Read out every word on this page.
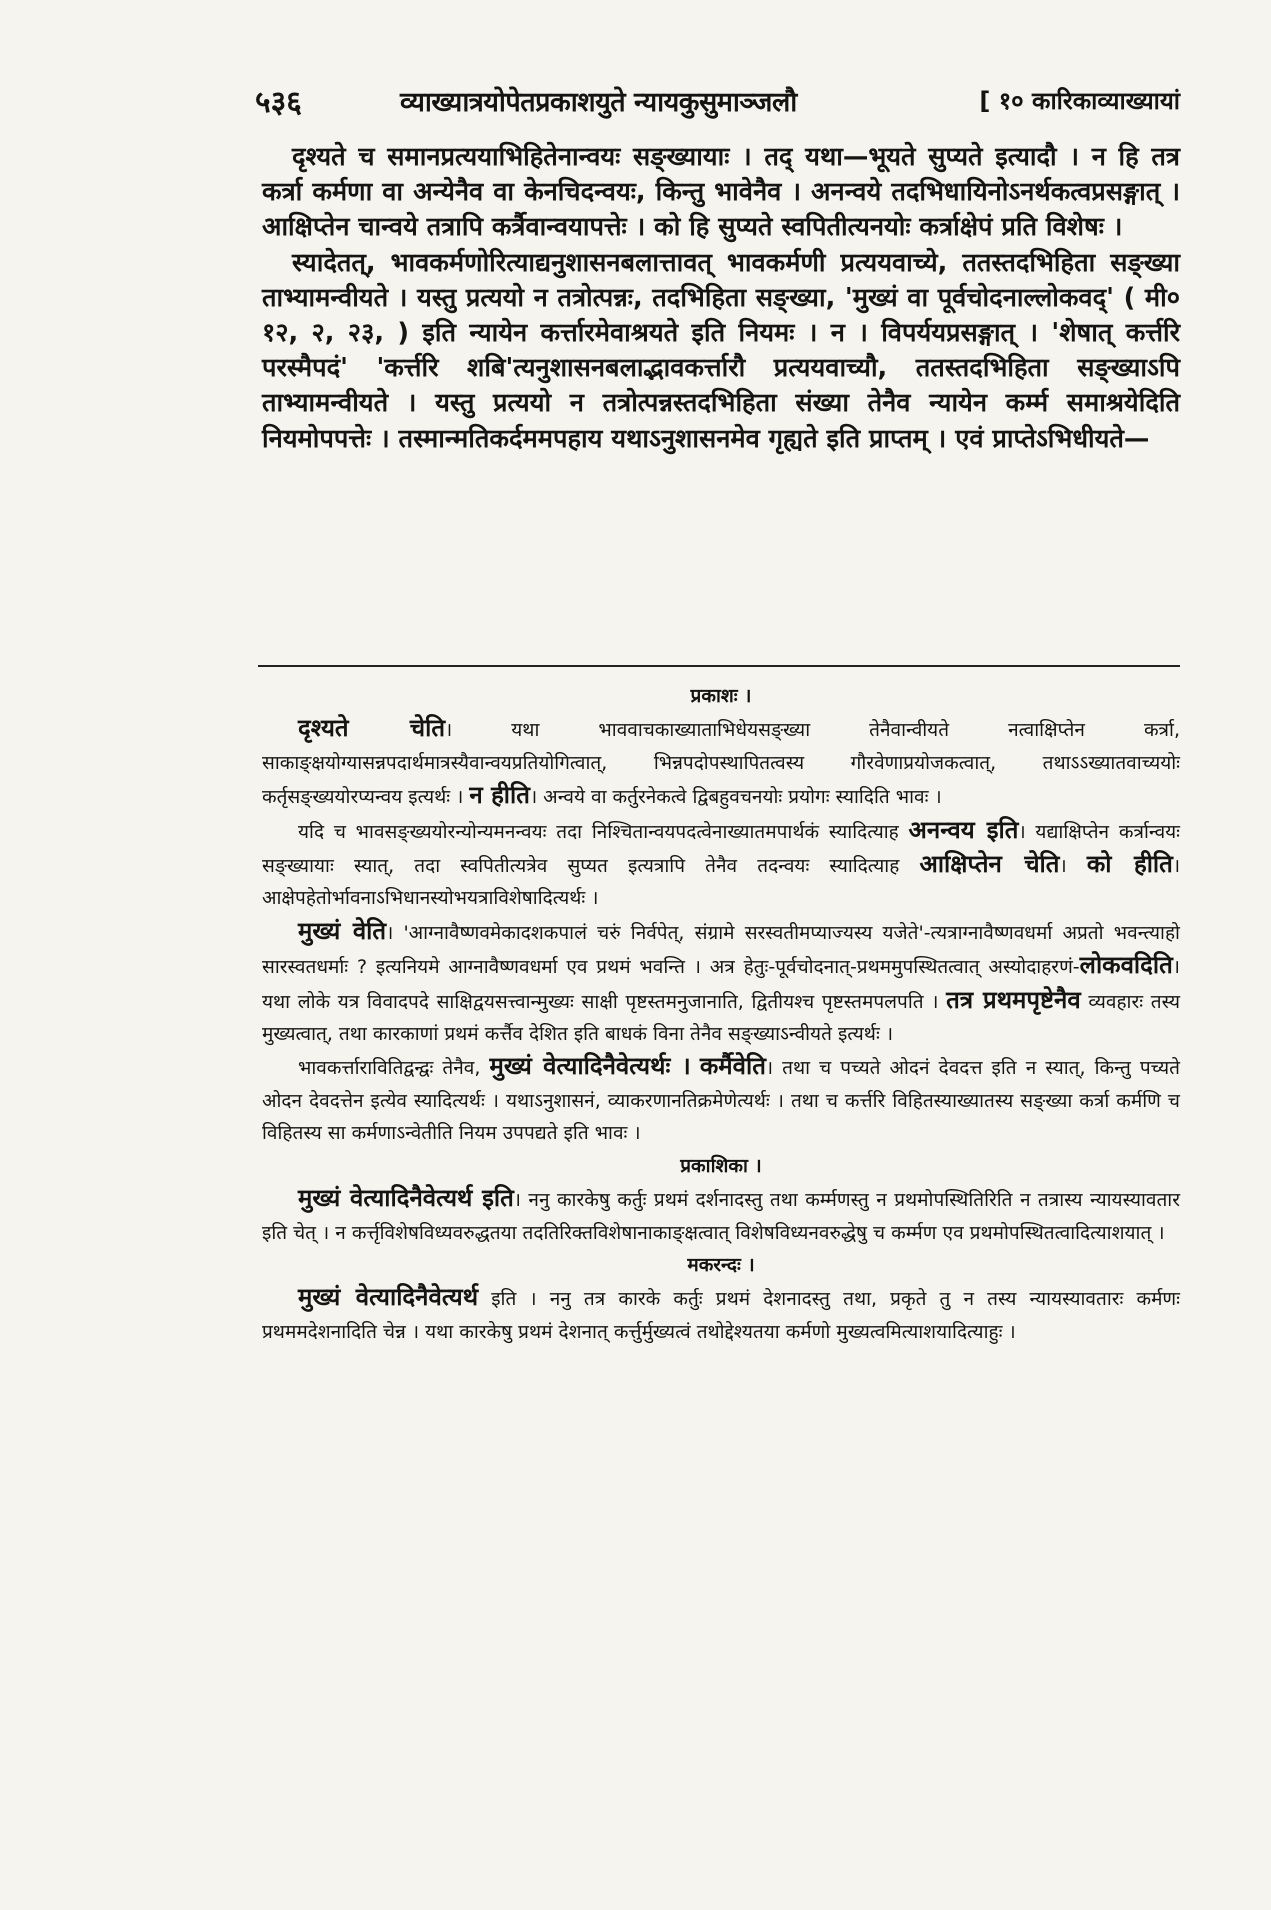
५३६	व्याख्यात्रयोपेतप्रकाशयुते न्यायकुसुमाञ्जलौ	[ १० कारिकाव्याख्यायां

दृश्यते च समानप्रत्ययाभिहितेनान्वयः सङ्ख्यायाः । तद् यथा—भूयते सुप्यते इत्यादौ । न हि तत्र कर्त्रा कर्मणा वा अन्येनैव वा केनचिदन्वयः, किन्तु भावेनैव । अनन्वये तदभिधायिनोऽनर्थकत्वप्रसङ्गात् । आक्षिप्तेन चान्वये तत्रापि कर्त्रैवान्वयापत्तेः । को हि सुप्यते स्वपितीत्यनयोः कर्त्राक्षेपं प्रति विशेषः ।

स्यादेतत्, भावकर्मणोरित्याद्यनुशासनबलात्तावत् भावकर्मणी प्रत्ययवाच्ये, ततस्तदभिहिता सङ्ख्या ताभ्यामन्वीयते । यस्तु प्रत्ययो न तत्रोत्पन्नः, तदभिहिता सङ्ख्या, 'मुख्यं वा पूर्वचोदनाल्लोकवद्' ( मी० १२, २, २३, ) इति न्यायेन कर्त्तारमेवाश्रयते इति नियमः । न । विपर्ययप्रसङ्गात् । 'शेषात् कर्त्तरि परस्मैपदं' 'कर्त्तरि शबि'त्यनुशासनबलाद्भावकर्त्तारौ प्रत्ययवाच्यौ, ततस्तदभिहिता सङ्ख्याऽपि ताभ्यामन्वीयते । यस्तु प्रत्ययो न तत्रोत्पन्नस्तदभिहिता संख्या तेनैव न्यायेन कर्म्म समाश्रयेदिति नियमोपपत्तेः । तस्मान्मतिकर्दममपहाय यथाऽनुशासनमेव गृह्यते इति प्राप्तम् । एवं प्राप्तेऽभिधीयते—

प्रकाशः ।

दृश्यते चेति। यथा भाववाचकाख्याताभिधेयसङ्ख्या तेनैवान्वीयते नत्वाक्षिप्तेन कर्त्रा, साकाङ्क्षयोग्यासन्नपदार्थमात्रस्यैवान्वयप्रतियोगित्वात्, भिन्नपदोपस्थापितत्वस्य गौरवेणाप्रयोजकत्वात्, तथाऽऽख्यातवाच्ययोः कर्तृसङ्ख्ययोरप्यन्वय इत्यर्थः । न हीति। अन्वये वा कर्तुरनेकत्वे द्विबहुवचनयोः प्रयोगः स्यादिति भावः ।

यदि च भावसङ्ख्ययोरन्योन्यमनन्वयः तदा निश्चितान्वयपदत्वेनाख्यातमपार्थकं स्यादित्याह अनन्वय इति। यद्याक्षिप्तेन कर्त्रान्वयः सङ्ख्यायाः स्यात्, तदा स्वपितीत्यत्रेव सुप्यत इत्यत्रापि तेनैव तदन्वयः स्यादित्याह आक्षिप्तेन चेति। को हीति। आक्षेपहेतोर्भावनाऽभिधानस्योभयत्राविशेषादित्यर्थः ।

मुख्यं वेति। 'आग्नावैष्णवमेकादशकपालं चरुं निर्वपेत्, संग्रामे सरस्वतीमप्याज्यस्य यजेते'-त्यत्राग्नावैष्णवधर्मा अप्रतो भवन्त्याहो सारस्वतधर्माः ? इत्यनियमे आग्नावैष्णवधर्मा एव प्रथमं भवन्ति । अत्र हेतुः-पूर्वचोदनात्-प्रथममुपस्थितत्वात् अस्योदाहरणं-लोकवदिति। यथा लोके यत्र विवादपदे साक्षिद्वयसत्त्वान्मुख्यः साक्षी पृष्टस्तमनुजानाति, द्वितीयश्च पृष्टस्तमपलपति । तत्र प्रथमपृष्टेनैव व्यवहारः तस्य मुख्यत्वात्, तथा कारकाणां प्रथमं कर्त्तैव देशित इति बाधकं विना तेनैव सङ्ख्याऽन्वीयते इत्यर्थः ।

भावकर्त्तारावितिद्वन्द्वः तेनैव, मुख्यं वेत्यादिनैवेत्यर्थः । कर्मैवेति। तथा च पच्यते ओदनं देवदत्त इति न स्यात्, किन्तु पच्यते ओदन देवदत्तेन इत्येव स्यादित्यर्थः । यथाऽनुशासनं, व्याकरणानतिक्रमेणेत्यर्थः । तथा च कर्त्तरि विहितस्याख्यातस्य सङ्ख्या कर्त्रा कर्मणि च विहितस्य सा कर्मणाऽन्वेतीति नियम उपपद्यते इति भावः ।

प्रकाशिका ।

मुख्यं वेत्यादिनैवेत्यर्थ इति। ननु कारकेषु कर्तुः प्रथमं दर्शनादस्तु तथा कर्म्मणस्तु न प्रथमोपस्थितिरिति न तत्रास्य न्यायस्यावतार इति चेत् । न कर्त्तृविशेषविध्यवरुद्धतया तदतिरिक्तविशेषानाकाङ्क्षत्वात् विशेषविध्यनवरुद्धेषु च कर्म्मण एव प्रथमोपस्थितत्वादित्याशयात् ।

मकरन्दः ।

मुख्यं वेत्यादिनैवेत्यर्थ इति । ननु तत्र कारके कर्तुः प्रथमं देशनादस्तु तथा, प्रकृते तु न तस्य न्यायस्यावतारः कर्मणः प्रथममदेशनादिति चेन्न । यथा कारकेषु प्रथमं देशनात् कर्त्तुर्मुख्यत्वं तथोद्देश्यतया कर्मणो मुख्यत्वमित्याशयादित्याहुः ।
